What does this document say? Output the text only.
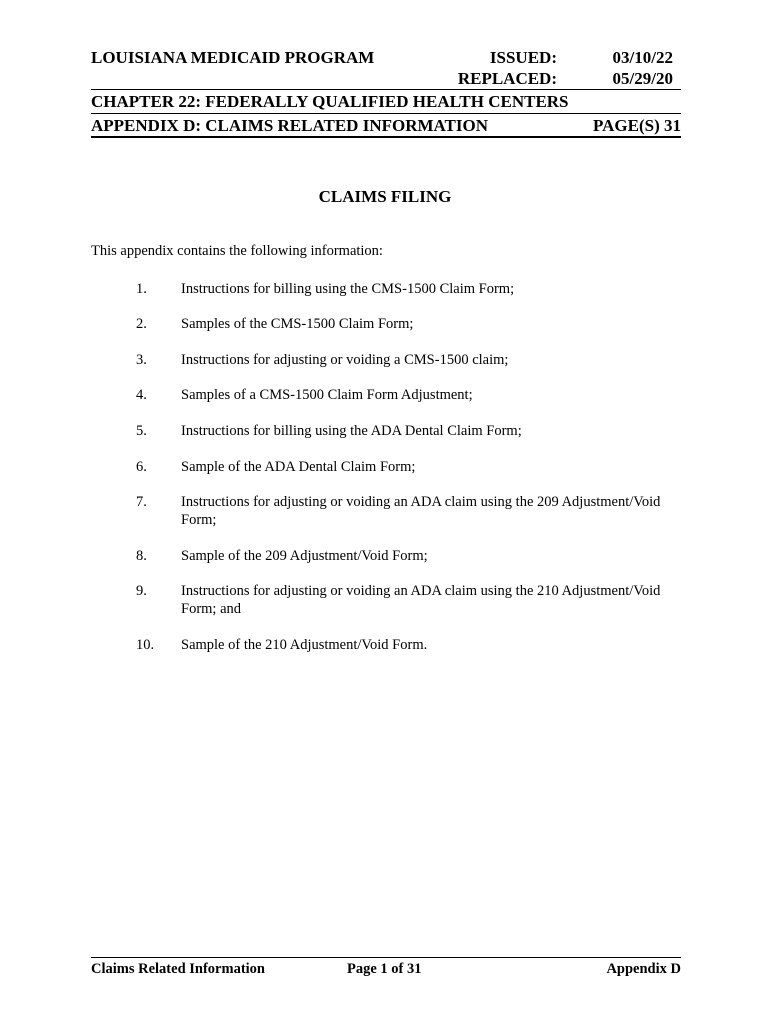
LOUISIANA MEDICAID PROGRAM	ISSUED:	03/10/22
REPLACED:	05/29/20
CHAPTER 22: FEDERALLY QUALIFIED HEALTH CENTERS
APPENDIX D: CLAIMS RELATED INFORMATION	PAGE(S) 31
CLAIMS FILING
This appendix contains the following information:
1. Instructions for billing using the CMS-1500 Claim Form;
2. Samples of the CMS-1500 Claim Form;
3. Instructions for adjusting or voiding a CMS-1500 claim;
4. Samples of a CMS-1500 Claim Form Adjustment;
5. Instructions for billing using the ADA Dental Claim Form;
6. Sample of the ADA Dental Claim Form;
7. Instructions for adjusting or voiding an ADA claim using the 209 Adjustment/Void Form;
8. Sample of the 209 Adjustment/Void Form;
9. Instructions for adjusting or voiding an ADA claim using the 210 Adjustment/Void Form; and
10. Sample of the 210 Adjustment/Void Form.
Claims Related Information	Page 1 of 31	Appendix D
